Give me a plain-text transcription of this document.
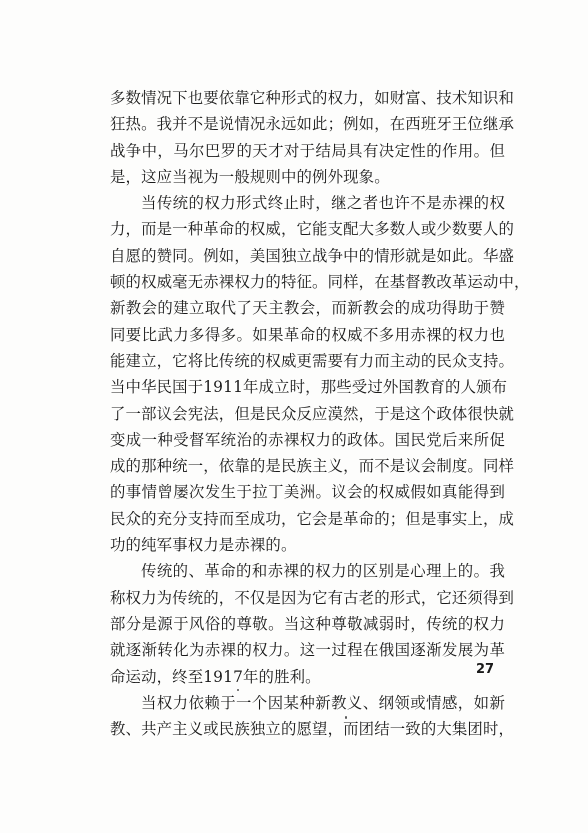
多数情况下也要依靠它种形式的权力，如财富、技术知识和
狂热。我并不是说情况永远如此；例如，在西班牙王位继承
战争中，马尔巴罗的天才对于结局具有决定性的作用。但
是，这应当视为一般规则中的例外现象。
当传统的权力形式终止时，继之者也许不是赤裸的权
力，而是一种革命的权威，它能支配大多数人或少数要人的
自愿的赞同。例如，美国独立战争中的情形就是如此。华盛
顿的权威毫无赤裸权力的特征。同样，在基督教改革运动中，
新教会的建立取代了天主教会，而新教会的成功得助于赞
同要比武力多得多。如果革命的权威不多用赤裸的权力也
能建立，它将比传统的权威更需要有力而主动的民众支持。
当中华民国于1911年成立时，那些受过外国教育的人颁布
了一部议会宪法，但是民众反应漠然，于是这个政体很快就
变成一种受督军统治的赤裸权力的政体。国民党后来所促
成的那种统一，依靠的是民族主义，而不是议会制度。同样
的事情曾屡次发生于拉丁美洲。议会的权威假如真能得到
民众的充分支持而至成功，它会是革命的；但是事实上，成
功的纯军事权力是赤裸的。
传统的、革命的和赤裸的权力的区别是心理上的。我
称权力为传统的，不仅是因为它有古老的形式，它还须得到
部分是源于风俗的尊敬。当这种尊敬减弱时，传统的权力
就逐渐转化为赤裸的权力。这一过程在俄国逐渐发展为革
命运动，终至1917年的胜利。
当权力依赖于一个因某种新教义、纲领或情感，如新
教、共产主义或民族独立的愿望，而团结一致的大集团时，
27
